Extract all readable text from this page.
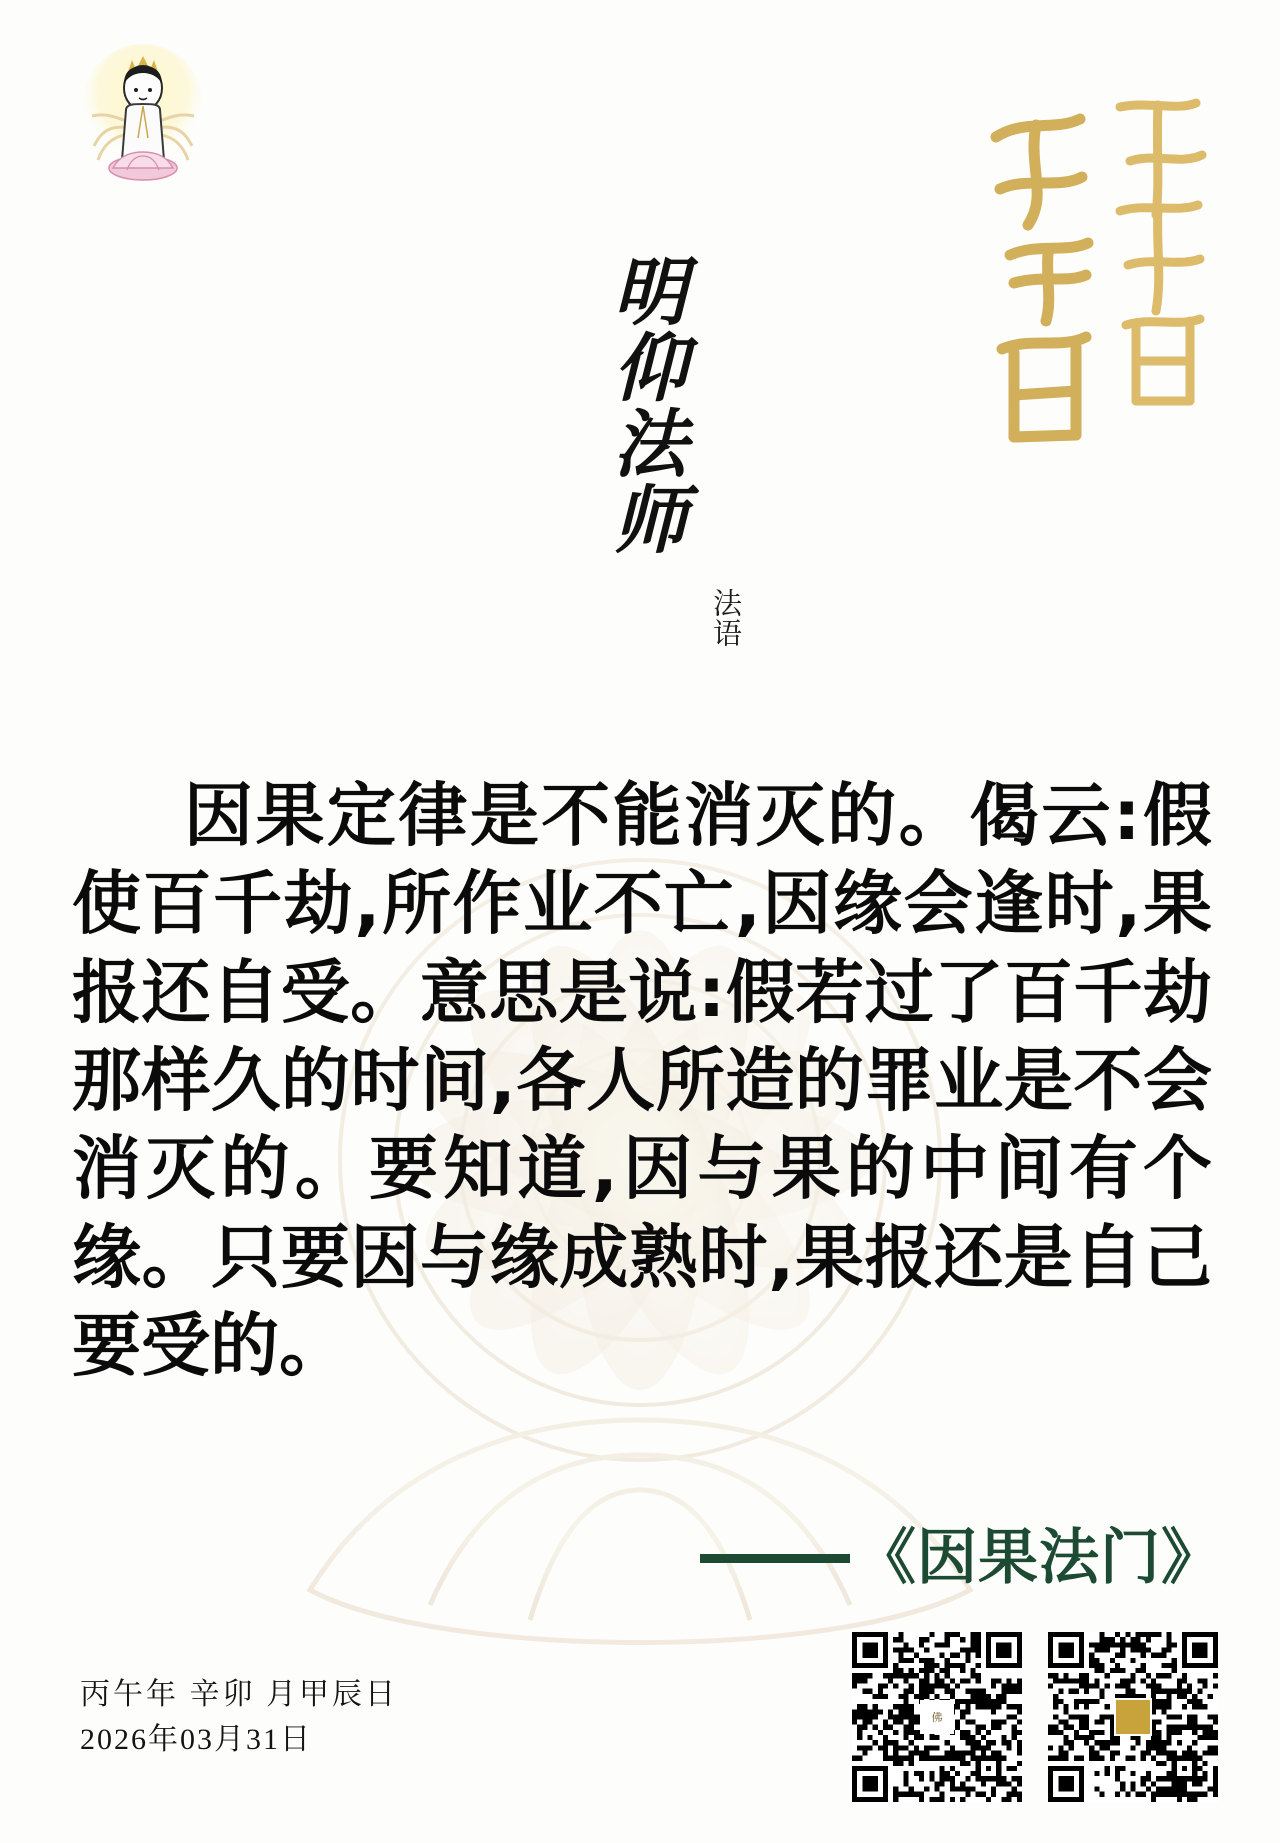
明仰法师
法语
因果定律是不能消灭的。偈云:假使百千劫,所作业不亡,因缘会逢时,果报还自受。意思是说:假若过了百千劫那样久的时间,各人所造的罪业是不会消灭的。要知道,因与果的中间有个缘。只要因与缘成熟时,果报还是自己要受的。
《因果法门》
丙午年 辛卯 月甲辰日
2026年03月31日
佛
